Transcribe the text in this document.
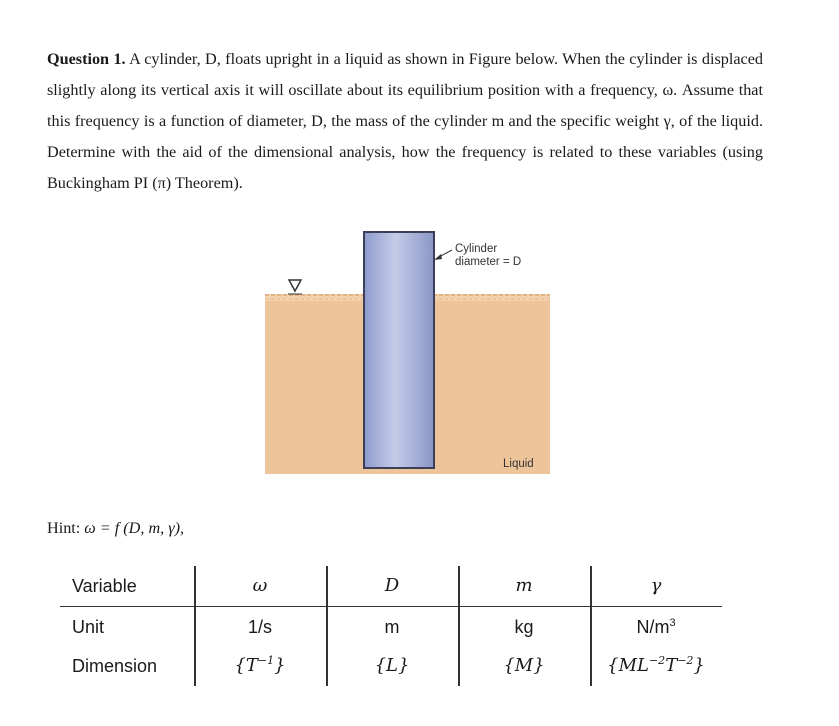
Question 1. A cylinder, D, floats upright in a liquid as shown in Figure below. When the cylinder is displaced slightly along its vertical axis it will oscillate about its equilibrium position with a frequency, ω. Assume that this frequency is a function of diameter, D, the mass of the cylinder m and the specific weight γ, of the liquid. Determine with the aid of the dimensional analysis, how the frequency is related to these variables (using Buckingham PI (π) Theorem).

Cylinder
diameter = D
Liquid
Hint: ω = f (D, m, γ),
Variable	ω	D	m	γ
Unit	1/s	m	kg	$N/m^3$
Dimension	$\{T^{-1}\}$	{L}	{M}	$\{ML^{-2}T^{-2}\}$
